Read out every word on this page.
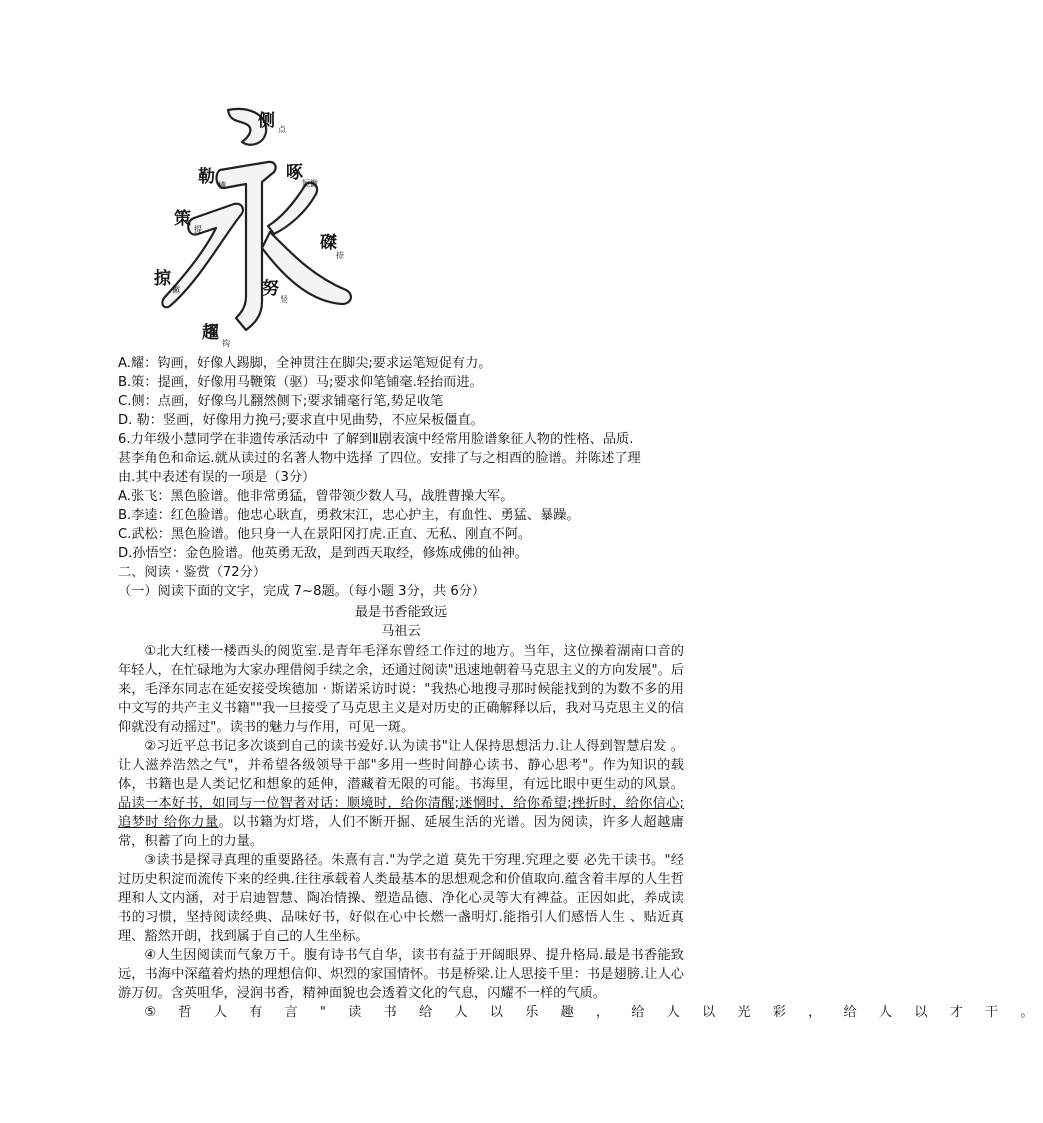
侧 点
勒 横
啄
短撇
策
提
磔
捺
掠
撇	努
竖
趯
钩
A.耀：钩画，好像人踢脚，全神贯注在脚尖;要求运笔短促有力。
B.策：提画，好像用马鞭策（驱）马;要求仰笔铺毫.轻抬而进。
C.侧：点画，好像鸟儿翻然侧下;要求铺毫行笔,势足收笔
D. 勒：竖画，好像用力挽弓;要求直中见曲势，不应呆板僵直。
6.力年级小慧同学在非遗传承活动中 了解到Ⅱ剧表演中经常用脸谱象征人物的性格、品质.
甚李角色和命运.就从读过的名著人物中选择 了四位。安排了与之相酉的脸谱。并陈述了理
由.其中表述有误的一项是（3分）
A.张飞：黑色脸谱。他非常勇猛，曾带领少数人马，战胜曹操大军。
B.李逵：红色脸谱。他忠心耿直，勇救宋江，忠心护主，有血性、勇猛、暴躁。
C.武松：黑色脸谱。他只身一人在景阳冈打虎.正直、无私、刚直不阿。
D.孙悟空：金色脸谱。他英勇无敌，是到西天取经，修炼成佛的仙神。
二、阅读 · 鉴赏（72分）
（一）阅读下面的文字，完成 7~8题。（每小题 3分，共 6分）
最是书香能致远
马祖云
①北大红楼一楼西头的阅览室.是青年毛泽东曾经工作过的地方。当年，这位操着湖南口音的年轻人，在忙碌地为大家办理借阅手续之余，还通过阅读"迅速地朝着马克思主义的方向发展"。后来，毛泽东同志在延安接受埃德加 · 斯诺采访时说："我热心地搜寻那时候能找到的为数不多的用中文写的共产主义书籍""我一旦接受了马克思主义是对历史的正确解释以后，我对马克思主义的信仰就没有动摇过"。读书的魅力与作用，可见一斑。
②习近平总书记多次谈到自己的读书爱好.认为读书"让人保持思想活力.让人得到智慧启发 。让人滋养浩然之气"，并希望各级领导干部"多用一些时间静心读书、静心思考"。作为知识的载体，书籍也是人类记忆和想象的延伸，潜藏着无限的可能。书海里，有远比眼中更生动的风景。品读一本好书，如同与一位智者对话：顺境时，给你清醒;迷惘时，给你希望;挫折时，给你信心;追梦时 给你力量。以书籍为灯塔，人们不断开掘、延展生活的光谱。因为阅读，许多人超越庸常，积蓄了向上的力量。
③读书是探寻真理的重要路径。朱熹有言."为学之道 莫先干穷理.究理之要 必先干读书。"经过历史积淀而流传下来的经典.往往承载着人类最基本的思想观念和价值取向.蕴含着丰厚的人生哲理和人文内涵，对于启迪智慧、陶冶情操、塑造品德、净化心灵等大有裨益。正因如此，养成读书的习惯，坚持阅读经典、品味好书，好似在心中长燃一盏明灯.能指引人们感悟人生 、贴近真理、豁然开朗，找到属于自己的人生坐标。
④人生因阅读而气象万千。腹有诗书气自华，读书有益于开阔眼界、提升格局.最是书香能致远，书海中深蕴着灼热的理想信仰、炽烈的家国情怀。书是桥梁.让人思接千里：书是翅膀.让人心游万仞。含英咀华，浸润书香，精神面貌也会透着文化的气息，闪耀不一样的气质。
⑤ 哲 人 有 言 " 读 书 给 人 以 乐 趣 ， 给 人 以 光 彩 ， 给 人 以 才 干 。
